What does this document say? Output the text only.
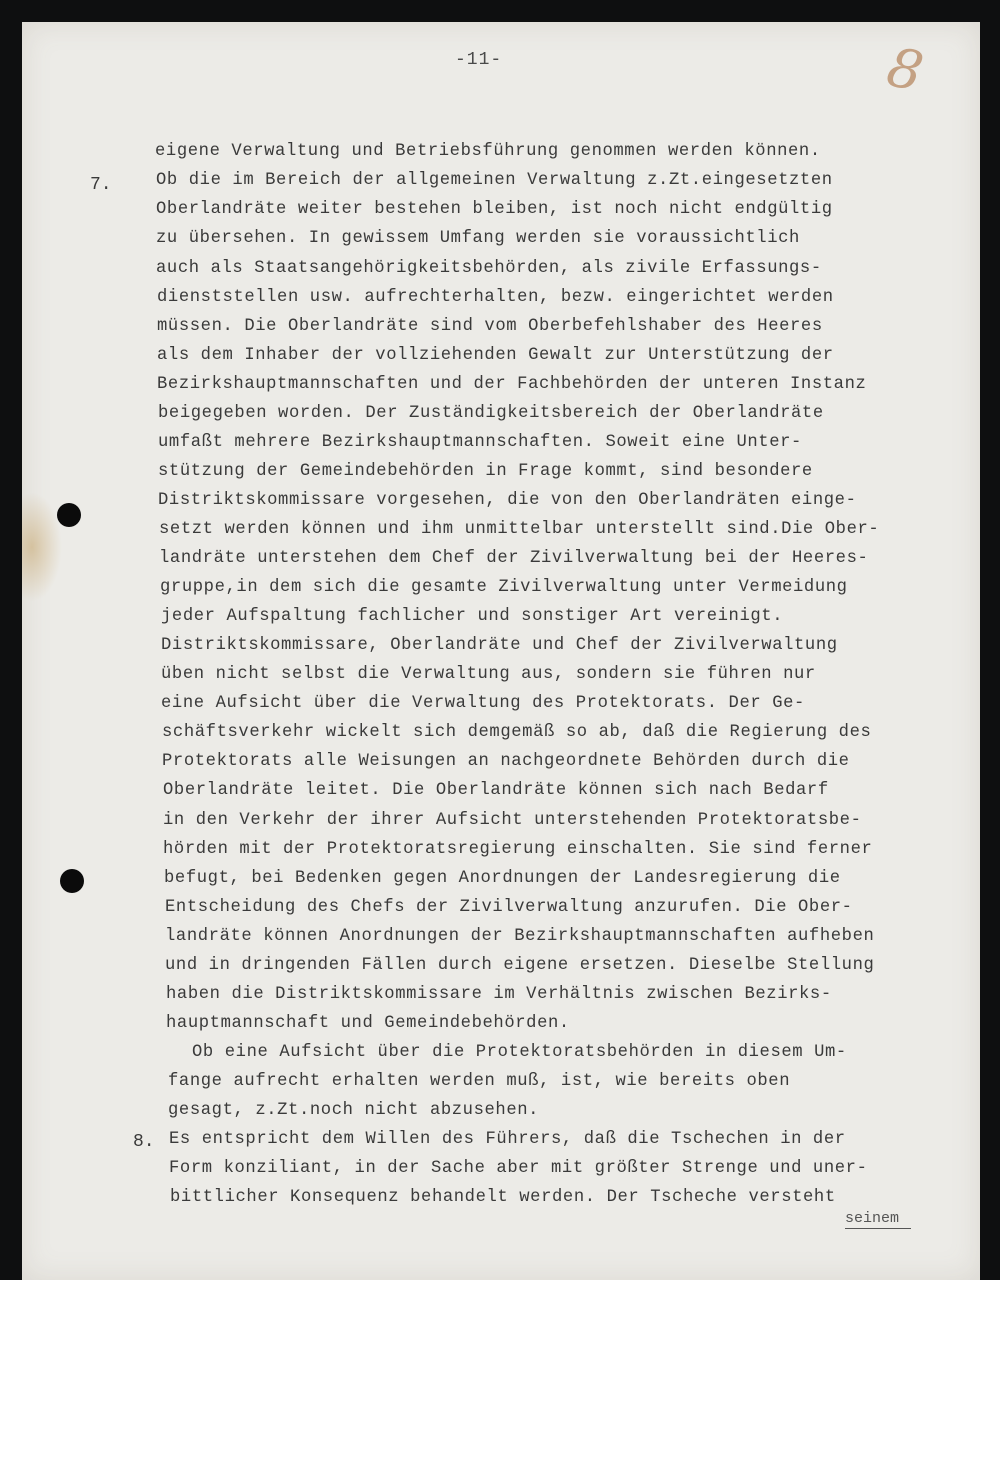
-11-	8
7.
eigene Verwaltung und Betriebsführung genommen werden können.
Ob die im Bereich der allgemeinen Verwaltung z.Zt.eingesetzten
Oberlandräte weiter bestehen bleiben, ist noch nicht endgültig
zu übersehen. In gewissem Umfang werden sie voraussichtlich
auch als Staatsangehörigkeitsbehörden, als zivile Erfassungs-
dienststellen usw. aufrechterhalten, bezw. eingerichtet werden
müssen. Die Oberlandräte sind vom Oberbefehlshaber des Heeres
als dem Inhaber der vollziehenden Gewalt zur Unterstützung der
Bezirkshauptmannschaften und der Fachbehörden der unteren Instanz
beigegeben worden. Der Zuständigkeitsbereich der Oberlandräte
umfaßt mehrere Bezirkshauptmannschaften. Soweit eine Unter-
stützung der Gemeindebehörden in Frage kommt, sind besondere
Distriktskommissare vorgesehen, die von den Oberlandräten einge-
setzt werden können und ihm unmittelbar unterstellt sind.Die Ober-
landräte unterstehen dem Chef der Zivilverwaltung bei der Heeres-
gruppe,in dem sich die gesamte Zivilverwaltung unter Vermeidung
jeder Aufspaltung fachlicher und sonstiger Art vereinigt.
Distriktskommissare, Oberlandräte und Chef der Zivilverwaltung
üben nicht selbst die Verwaltung aus, sondern sie führen nur
eine Aufsicht über die Verwaltung des Protektorats. Der Ge-
schäftsverkehr wickelt sich demgemäß so ab, daß die Regierung des
Protektorats alle Weisungen an nachgeordnete Behörden durch die
Oberlandräte leitet. Die Oberlandräte können sich nach Bedarf
in den Verkehr der ihrer Aufsicht unterstehenden Protektoratsbe-
hörden mit der Protektoratsregierung einschalten. Sie sind ferner
befugt, bei Bedenken gegen Anordnungen der Landesregierung die
Entscheidung des Chefs der Zivilverwaltung anzurufen. Die Ober-
landräte können Anordnungen der Bezirkshauptmannschaften aufheben
und in dringenden Fällen durch eigene ersetzen. Dieselbe Stellung
haben die Distriktskommissare im Verhältnis zwischen Bezirks-
hauptmannschaft und Gemeindebehörden.
Ob eine Aufsicht über die Protektoratsbehörden in diesem Um-
fange aufrecht erhalten werden muß, ist, wie bereits oben
gesagt, z.Zt.noch nicht abzusehen.
8. Es entspricht dem Willen des Führers, daß die Tschechen in der
Form konziliant, in der Sache aber mit größter Strenge und uner-
bittlicher Konsequenz behandelt werden. Der Tscheche versteht
seinem
